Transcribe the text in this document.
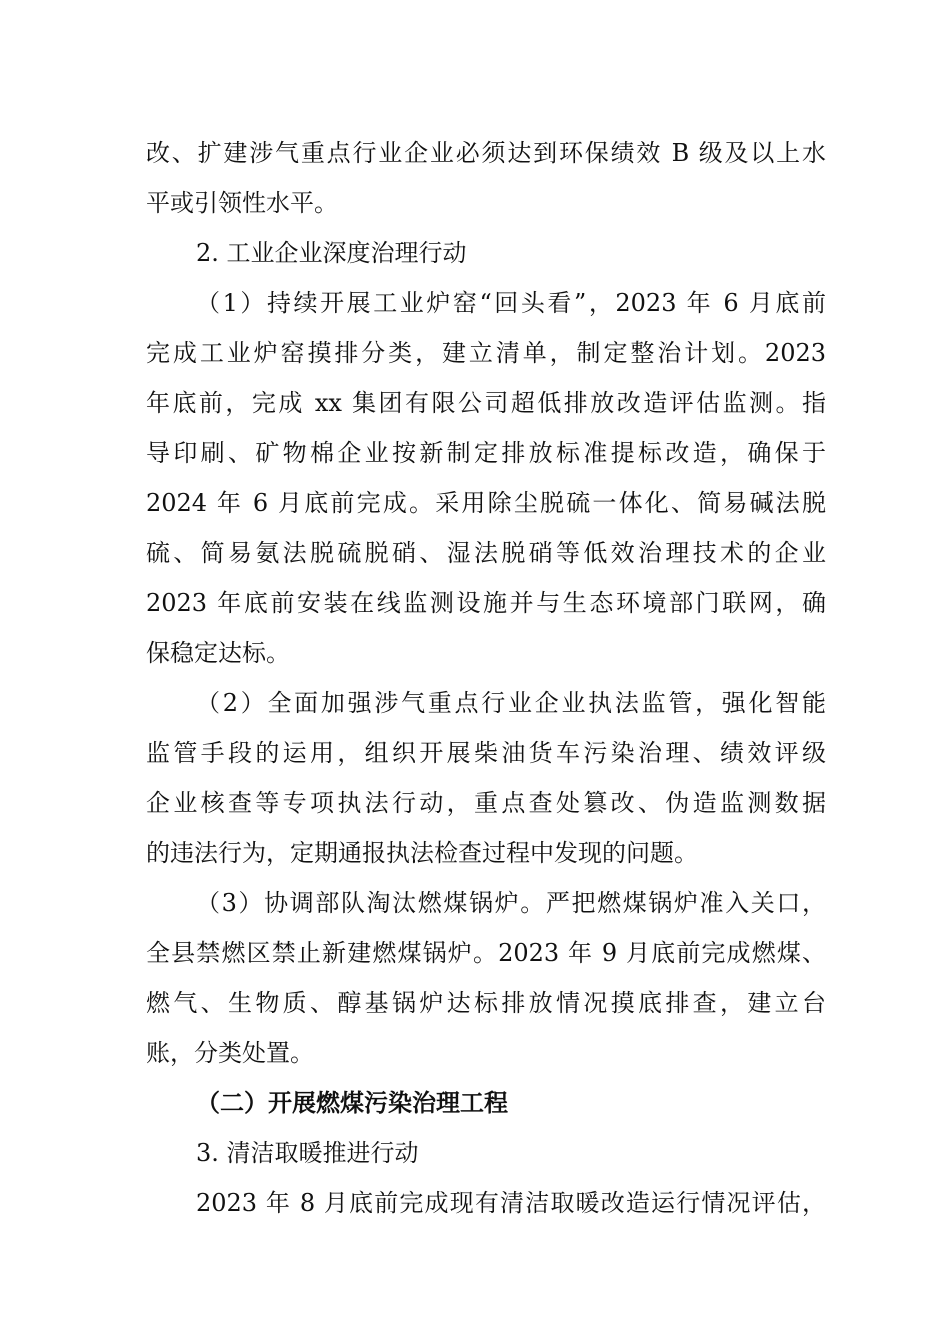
改、扩建涉气重点行业企业必须达到环保绩效 B 级及以上水
平或引领性水平。
2. 工业企业深度治理行动
（1）持续开展工业炉窑“回头看”，2023 年 6 月底前
完成工业炉窑摸排分类，建立清单，制定整治计划。2023
年底前，完成 xx 集团有限公司超低排放改造评估监测。指
导印刷、矿物棉企业按新制定排放标准提标改造，确保于
2024 年 6 月底前完成。采用除尘脱硫一体化、简易碱法脱
硫、简易氨法脱硫脱硝、湿法脱硝等低效治理技术的企业
2023 年底前安装在线监测设施并与生态环境部门联网，确
保稳定达标。
（2）全面加强涉气重点行业企业执法监管，强化智能
监管手段的运用，组织开展柴油货车污染治理、绩效评级
企业核查等专项执法行动，重点查处篡改、伪造监测数据
的违法行为，定期通报执法检查过程中发现的问题。
（3）协调部队淘汰燃煤锅炉。严把燃煤锅炉准入关口，
全县禁燃区禁止新建燃煤锅炉。2023 年 9 月底前完成燃煤、
燃气、生物质、醇基锅炉达标排放情况摸底排查，建立台
账，分类处置。
（二）开展燃煤污染治理工程
3. 清洁取暖推进行动
2023 年 8 月底前完成现有清洁取暖改造运行情况评估，
